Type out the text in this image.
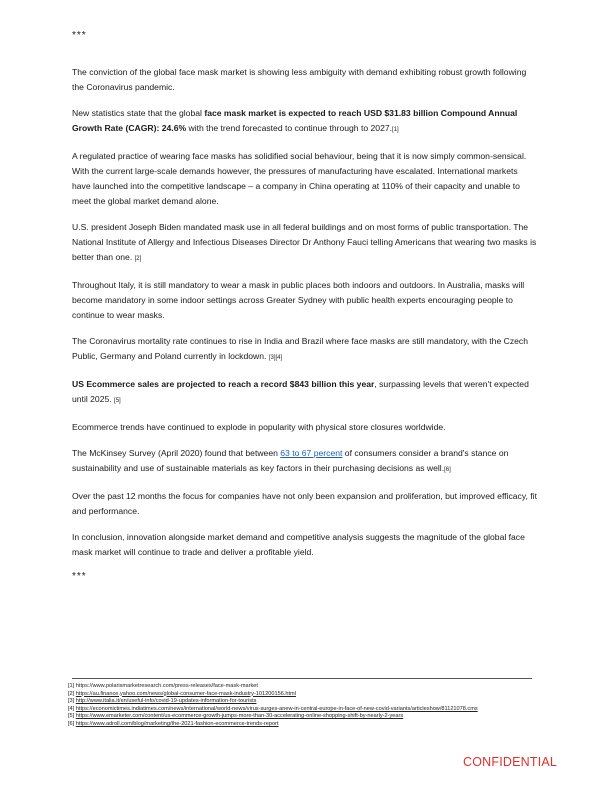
***

The conviction of the global face mask market is showing less ambiguity with demand exhibiting robust growth following the Coronavirus pandemic.

New statistics state that the global face mask market is expected to reach USD $31.83 billion Compound Annual Growth Rate (CAGR): 24.6% with the trend forecasted to continue through to 2027.[1]

A regulated practice of wearing face masks has solidified social behaviour, being that it is now simply common-sensical. With the current large-scale demands however, the pressures of manufacturing have escalated. International markets have launched into the competitive landscape – a company in China operating at 110% of their capacity and unable to meet the global market demand alone.

U.S. president Joseph Biden mandated mask use in all federal buildings and on most forms of public transportation. The National Institute of Allergy and Infectious Diseases Director Dr Anthony Fauci telling Americans that wearing two masks is better than one. [2]

Throughout Italy, it is still mandatory to wear a mask in public places both indoors and outdoors. In Australia, masks will become mandatory in some indoor settings across Greater Sydney with public health experts encouraging people to continue to wear masks.

The Coronavirus mortality rate continues to rise in India and Brazil where face masks are still mandatory, with the Czech Public, Germany and Poland currently in lockdown. [3][4]

US Ecommerce sales are projected to reach a record $843 billion this year, surpassing levels that weren't expected until 2025. [5]

Ecommerce trends have continued to explode in popularity with physical store closures worldwide.

The McKinsey Survey (April 2020) found that between 63 to 67 percent of consumers consider a brand's stance on sustainability and use of sustainable materials as key factors in their purchasing decisions as well.[6]

Over the past 12 months the focus for companies have not only been expansion and proliferation, but improved efficacy, fit and performance.

In conclusion, innovation alongside market demand and competitive analysis suggests the magnitude of the global face mask market will continue to trade and deliver a profitable yield.

***
[1] https://www.polarismarketresearch.com/press-releases/face-mask-market
[2] https://au.finance.yahoo.com/news/global-consumer-face-mask-industry-101200156.html
[3] http://www.italia.it/en/useful-info/covid-19-updates-information-for-tourists
[4] https://economictimes.indiatimes.com/news/international/world-news/virus-surges-anew-in-central-europe-in-face-of-new-covid-variants/articleshow/81121078.cms
[5] https://www.emarketer.com/content/us-ecommerce-growth-jumps-more-than-30-accelerating-online-shopping-shift-by-nearly-2-years
[6] https://www.adroll.com/blog/marketing/the-2021-fashion-ecommerce-trends-report
CONFIDENTIAL
